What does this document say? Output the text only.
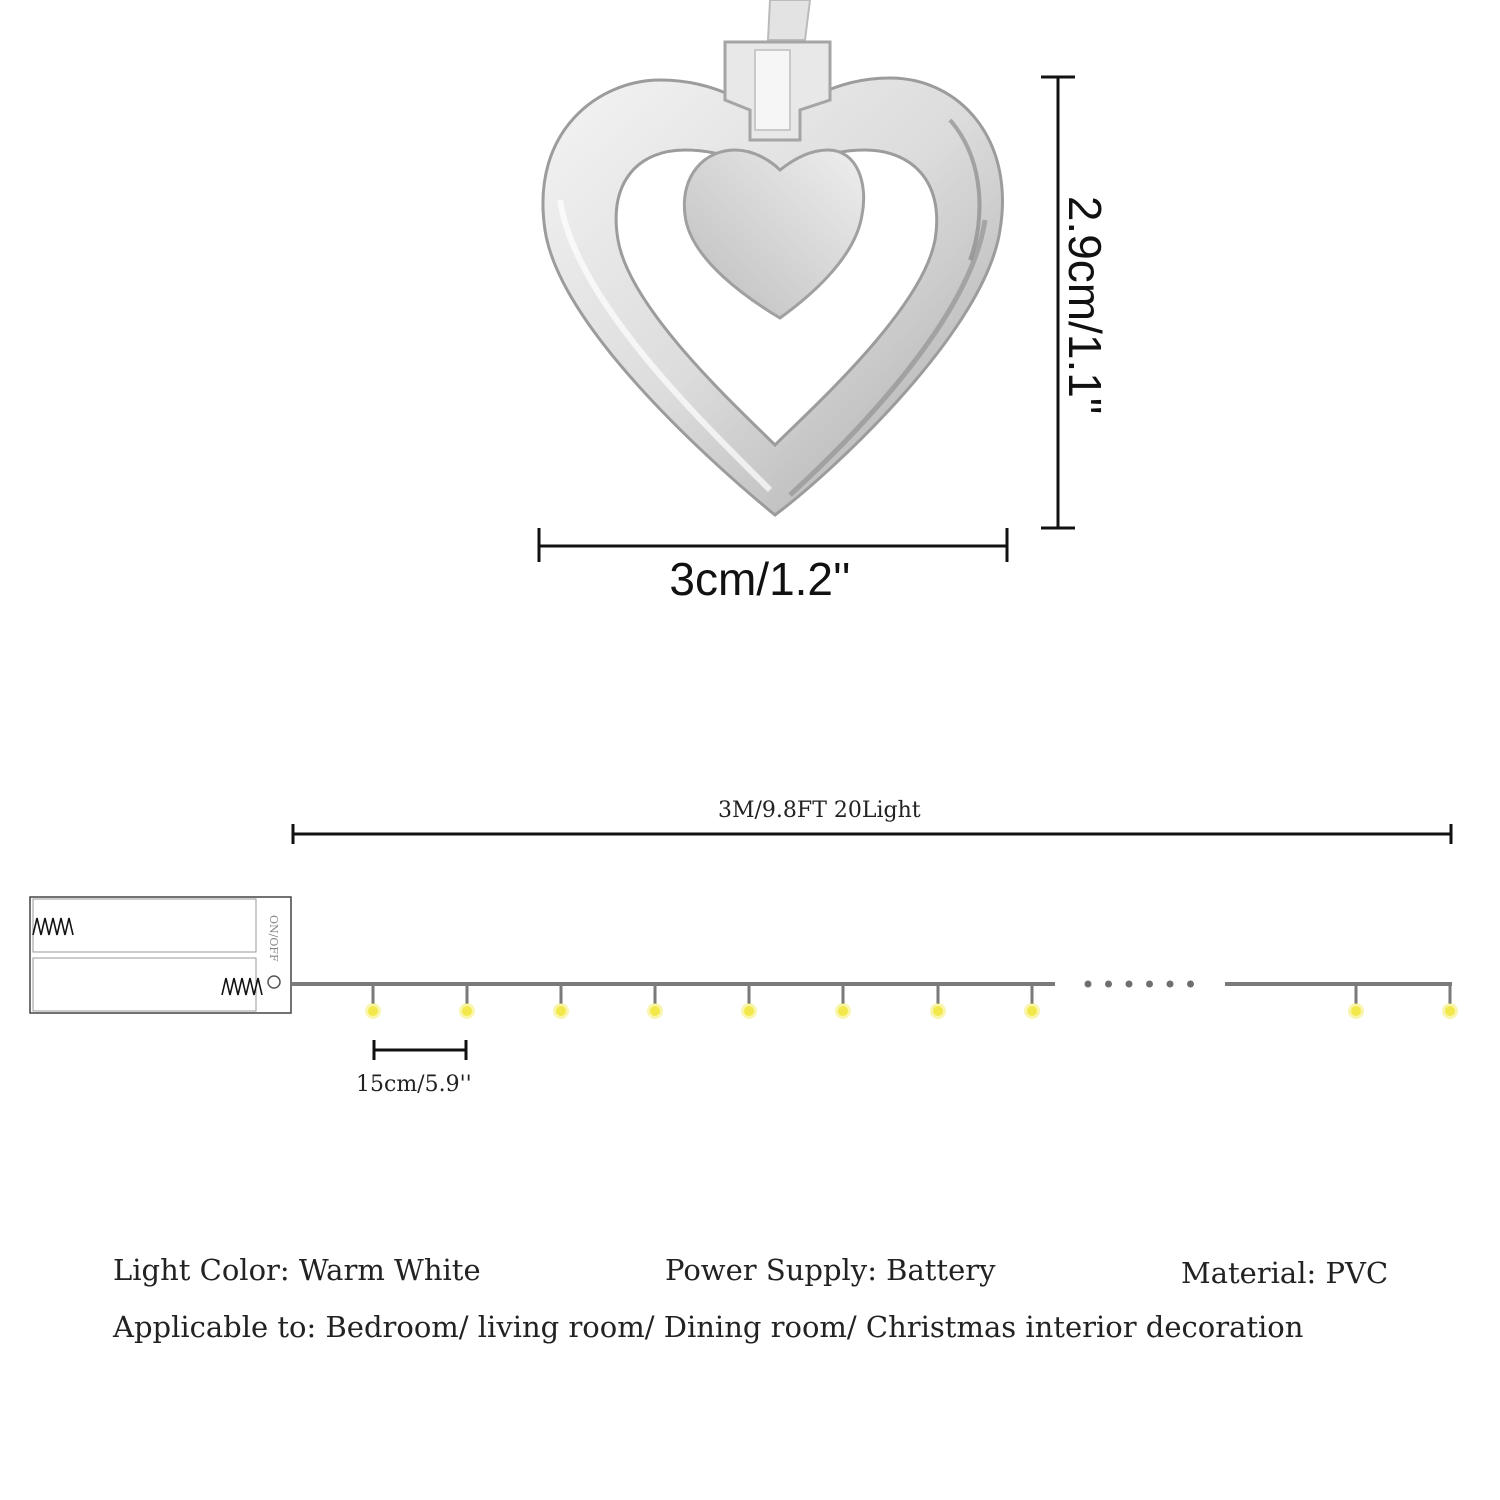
3cm/1.2''
2.9cm/1.1"
3M/9.8FT 20Light
ON/OFF
15cm/5.9''
Light Color: Warm White	Power Supply: Battery	Material: PVC
Applicable to: Bedroom/ living room/ Dining room/ Christmas interior decoration
